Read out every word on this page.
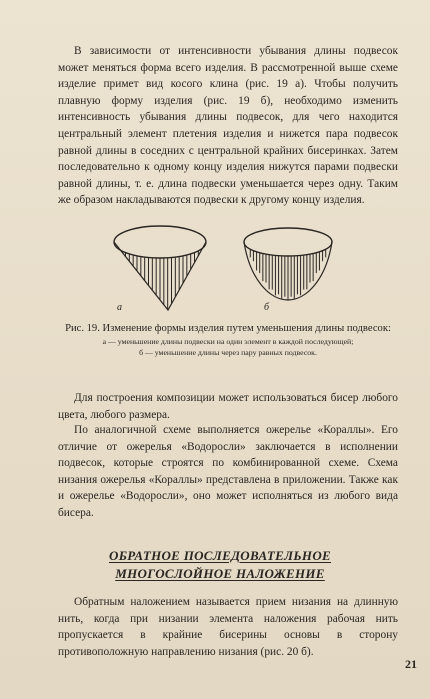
В зависимости от интенсивности убывания длины подвесок может меняться форма всего изделия. В рассмотренной выше схеме изделие примет вид косого клина (рис. 19 а). Чтобы получить плавную форму изделия (рис. 19 б), необходимо изменить интенсивность убывания длины подвесок, для чего находится центральный элемент плетения изделия и нижется пара подвесок равной длины в соседних с центральной крайних бисеринках. Затем последовательно к одному концу изделия нижутся парами подвески равной длины, т. е. длина подвески уменьшается через одну. Таким же образом накладываются подвески к другому концу изделия.

а	б

Рис. 19. Изменение формы изделия путем уменьшения длины подвесок:

а — уменьшение длины подвески на один элемент в каждой последующей;

б — уменьшение длины через пару равных подвесок.

Для построения композиции может использоваться бисер любого цвета, любого размера.

По аналогичной схеме выполняется ожерелье «Кораллы». Его отличие от ожерелья «Водоросли» заключается в исполнении подвесок, которые строятся по комбинированной схеме. Схема низания ожерелья «Кораллы» представлена в приложении. Также как и ожерелье «Водоросли», оно может исполняться из любого вида бисера.

ОБРАТНОЕ ПОСЛЕДОВАТЕЛЬНОЕ
МНОГОСЛОЙНОЕ НАЛОЖЕНИЕ

Обратным наложением называется прием низания на длинную нить, когда при низании элемента наложения рабочая нить пропускается в крайние бисерины основы в сторону противоположную направлению низания (рис. 20 б).

21
